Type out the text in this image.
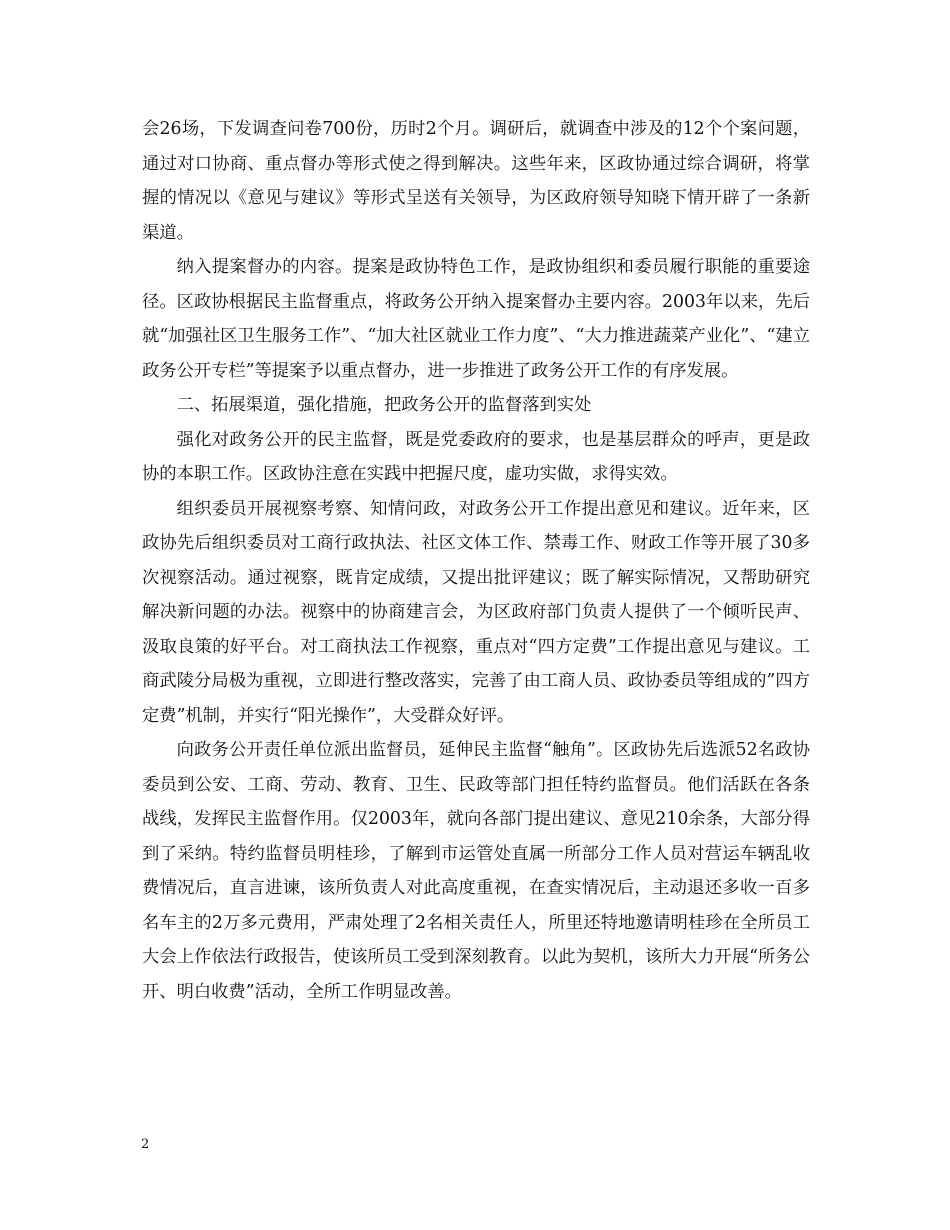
会26场，下发调查问卷700份，历时2个月。调研后，就调查中涉及的12个个案问题，通过对口协商、重点督办等形式使之得到解决。这些年来，区政协通过综合调研，将掌握的情况以《意见与建议》等形式呈送有关领导，为区政府领导知晓下情开辟了一条新渠道。

纳入提案督办的内容。提案是政协特色工作，是政协组织和委员履行职能的重要途径。区政协根据民主监督重点，将政务公开纳入提案督办主要内容。2003年以来，先后就“加强社区卫生服务工作”、“加大社区就业工作力度”、“大力推进蔬菜产业化”、“建立政务公开专栏”等提案予以重点督办，进一步推进了政务公开工作的有序发展。

二、拓展渠道，强化措施，把政务公开的监督落到实处

强化对政务公开的民主监督，既是党委政府的要求，也是基层群众的呼声，更是政协的本职工作。区政协注意在实践中把握尺度，虚功实做，求得实效。

组织委员开展视察考察、知情问政，对政务公开工作提出意见和建议。近年来，区政协先后组织委员对工商行政执法、社区文体工作、禁毒工作、财政工作等开展了30多次视察活动。通过视察，既肯定成绩，又提出批评建议；既了解实际情况，又帮助研究解决新问题的办法。视察中的协商建言会，为区政府部门负责人提供了一个倾听民声、汲取良策的好平台。对工商执法工作视察，重点对“四方定费”工作提出意见与建议。工商武陵分局极为重视，立即进行整改落实，完善了由工商人员、政协委员等组成的”四方定费”机制，并实行“阳光操作”，大受群众好评。

向政务公开责任单位派出监督员，延伸民主监督“触角”。区政协先后选派52名政协委员到公安、工商、劳动、教育、卫生、民政等部门担任特约监督员。他们活跃在各条战线，发挥民主监督作用。仅2003年，就向各部门提出建议、意见210余条，大部分得到了采纳。特约监督员明桂珍，了解到市运管处直属一所部分工作人员对营运车辆乱收费情况后，直言进谏，该所负责人对此高度重视，在查实情况后，主动退还多收一百多名车主的2万多元费用，严肃处理了2名相关责任人，所里还特地邀请明桂珍在全所员工大会上作依法行政报告，使该所员工受到深刻教育。以此为契机，该所大力开展“所务公开、明白收费”活动，全所工作明显改善。

2
